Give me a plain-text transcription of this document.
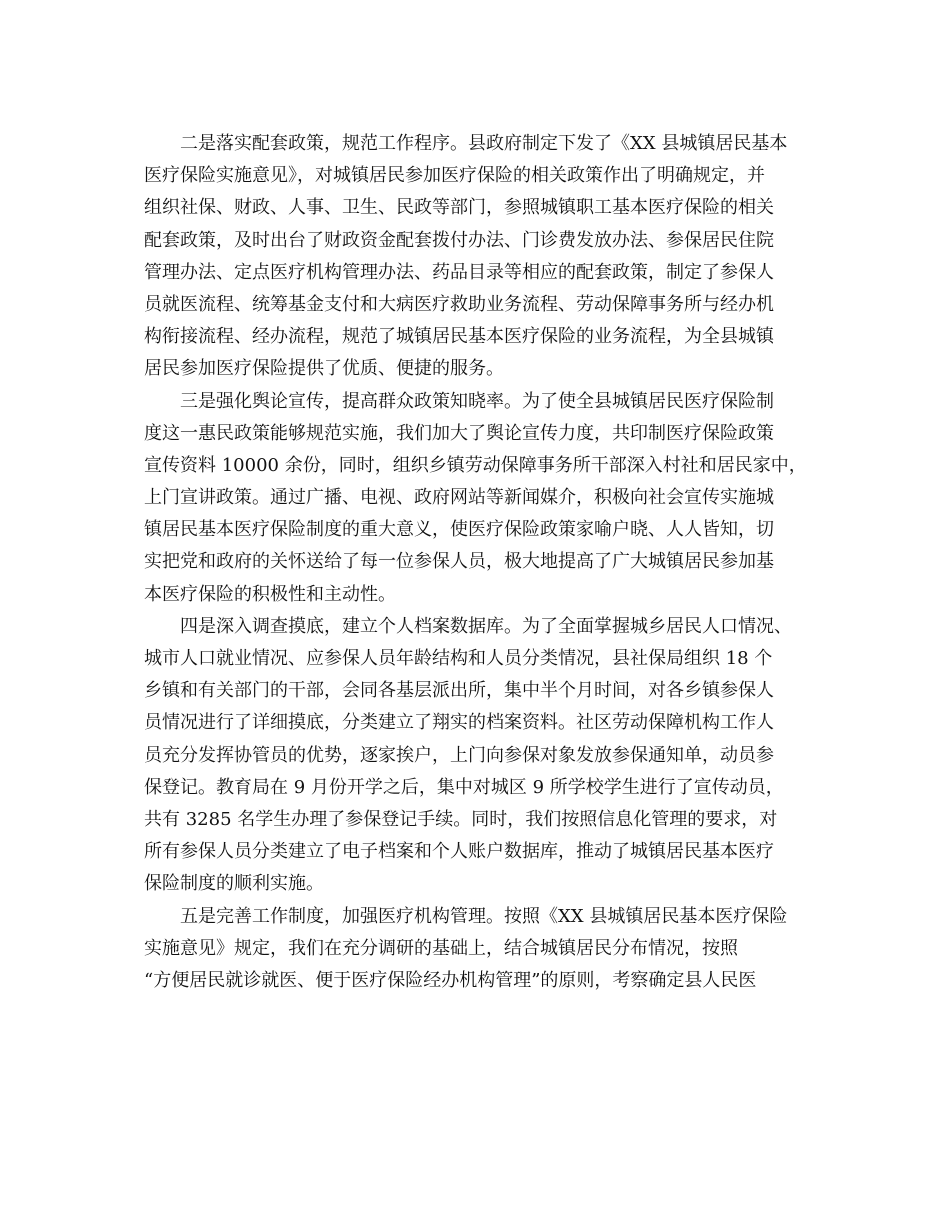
二是落实配套政策，规范工作程序。县政府制定下发了《XX 县城镇居民基本
医疗保险实施意见》，对城镇居民参加医疗保险的相关政策作出了明确规定，并
组织社保、财政、人事、卫生、民政等部门，参照城镇职工基本医疗保险的相关
配套政策，及时出台了财政资金配套拨付办法、门诊费发放办法、参保居民住院
管理办法、定点医疗机构管理办法、药品目录等相应的配套政策，制定了参保人
员就医流程、统筹基金支付和大病医疗救助业务流程、劳动保障事务所与经办机
构衔接流程、经办流程，规范了城镇居民基本医疗保险的业务流程，为全县城镇
居民参加医疗保险提供了优质、便捷的服务。
三是强化舆论宣传，提高群众政策知晓率。为了使全县城镇居民医疗保险制
度这一惠民政策能够规范实施，我们加大了舆论宣传力度，共印制医疗保险政策
宣传资料 10000 余份，同时，组织乡镇劳动保障事务所干部深入村社和居民家中，
上门宣讲政策。通过广播、电视、政府网站等新闻媒介，积极向社会宣传实施城
镇居民基本医疗保险制度的重大意义，使医疗保险政策家喻户晓、人人皆知，切
实把党和政府的关怀送给了每一位参保人员，极大地提高了广大城镇居民参加基
本医疗保险的积极性和主动性。
四是深入调查摸底，建立个人档案数据库。为了全面掌握城乡居民人口情况、
城市人口就业情况、应参保人员年龄结构和人员分类情况，县社保局组织 18 个
乡镇和有关部门的干部，会同各基层派出所，集中半个月时间，对各乡镇参保人
员情况进行了详细摸底，分类建立了翔实的档案资料。社区劳动保障机构工作人
员充分发挥协管员的优势，逐家挨户，上门向参保对象发放参保通知单，动员参
保登记。教育局在 9 月份开学之后，集中对城区 9 所学校学生进行了宣传动员，
共有 3285 名学生办理了参保登记手续。同时，我们按照信息化管理的要求，对
所有参保人员分类建立了电子档案和个人账户数据库，推动了城镇居民基本医疗
保险制度的顺利实施。
五是完善工作制度，加强医疗机构管理。按照《XX 县城镇居民基本医疗保险
实施意见》规定，我们在充分调研的基础上，结合城镇居民分布情况，按照
“方便居民就诊就医、便于医疗保险经办机构管理”的原则，考察确定县人民医
